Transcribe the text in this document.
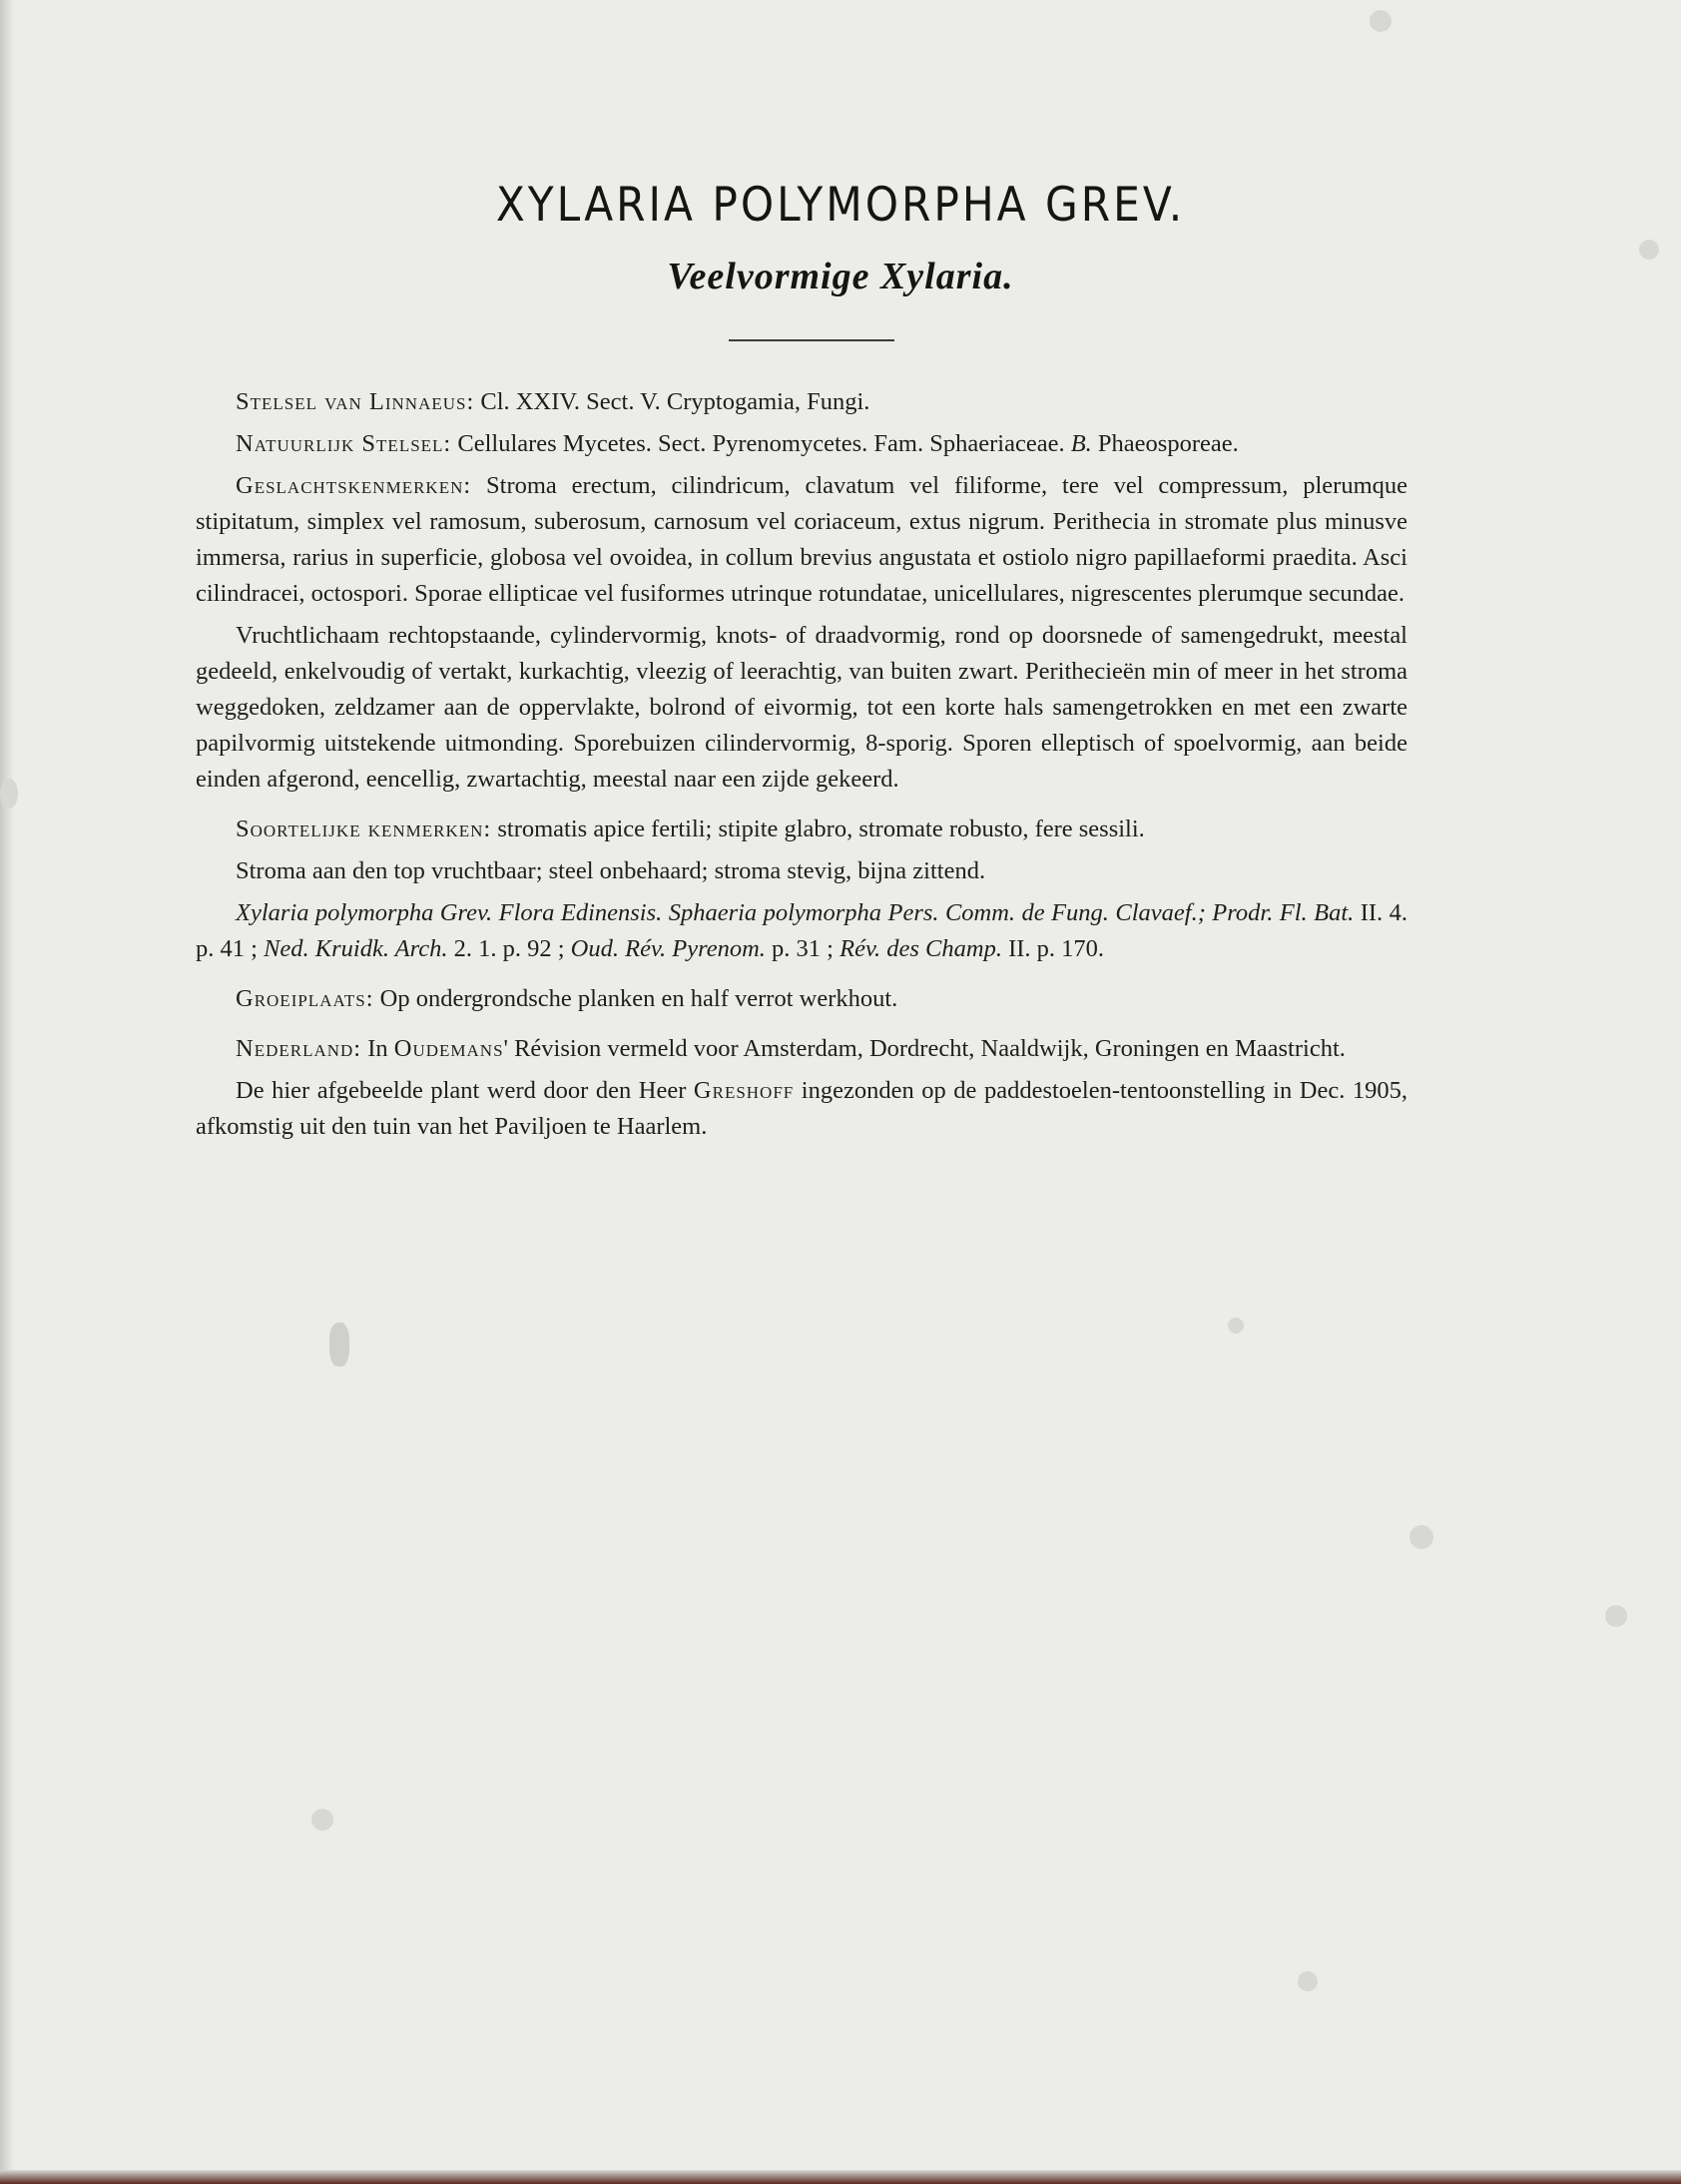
XYLARIA POLYMORPHA GREV.
Veelvormige Xylaria.

Stelsel van Linnaeus: Cl. XXIV. Sect. V. Cryptogamia, Fungi.

Natuurlijk Stelsel: Cellulares Mycetes. Sect. Pyrenomycetes. Fam. Sphaeriaceae. B. Phaeosporeae.

Geslachtskenmerken: Stroma erectum, cilindricum, clavatum vel filiforme, tere vel compressum, plerumque stipitatum, simplex vel ramosum, suberosum, carnosum vel coriaceum, extus nigrum. Perithecia in stromate plus minusve immersa, rarius in superficie, globosa vel ovoidea, in collum brevius angustata et ostiolo nigro papillaeformi praedita. Asci cilindracei, octospori. Sporae ellipticae vel fusiformes utrinque rotundatae, unicellulares, nigrescentes plerumque secundae.

Vruchtlichaam rechtopstaande, cylindervormig, knots- of draadvormig, rond op doorsnede of samengedrukt, meestal gedeeld, enkelvoudig of vertakt, kurkachtig, vleezig of leerachtig, van buiten zwart. Perithecieën min of meer in het stroma weggedoken, zeldzamer aan de oppervlakte, bolrond of eivormig, tot een korte hals samengetrokken en met een zwarte papilvormig uitstekende uitmonding. Sporebuizen cilindervormig, 8-sporig. Sporen elleptisch of spoelvormig, aan beide einden afgerond, eencellig, zwartachtig, meestal naar een zijde gekeerd.

Soortelijke kenmerken: stromatis apice fertili; stipite glabro, stromate robusto, fere sessili.

Stroma aan den top vruchtbaar; steel onbehaard; stroma stevig, bijna zittend.

Xylaria polymorpha Grev. Flora Edinensis. Sphaeria polymorpha Pers. Comm. de Fung. Clavaef.; Prodr. Fl. Bat. II. 4. p. 41 ; Ned. Kruidk. Arch. 2. 1. p. 92 ; Oud. Rév. Pyrenom. p. 31 ; Rév. des Champ. II. p. 170.

Groeiplaats: Op ondergrondsche planken en half verrot werkhout.

Nederland: In Oudemans' Révision vermeld voor Amsterdam, Dordrecht, Naaldwijk, Groningen en Maastricht.

De hier afgebeelde plant werd door den Heer Greshoff ingezonden op de paddestoelen-tentoonstelling in Dec. 1905, afkomstig uit den tuin van het Paviljoen te Haarlem.
